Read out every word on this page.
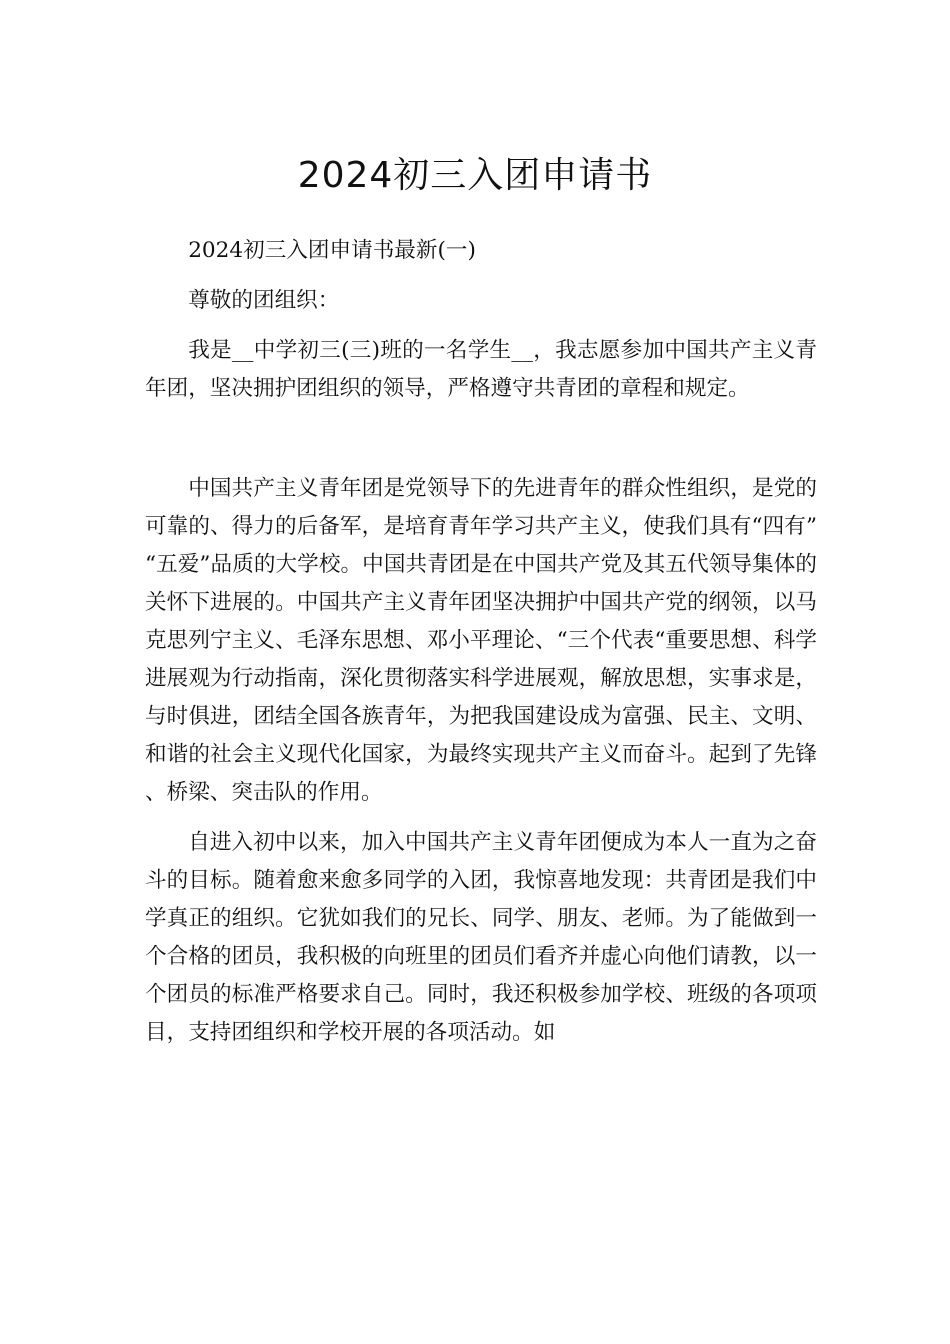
2024初三入团申请书

2024初三入团申请书最新(一)

尊敬的团组织：

我是__中学初三(三)班的一名学生__，我志愿参加中国共产主义青年团，坚决拥护团组织的领导，严格遵守共青团的章程和规定。

中国共产主义青年团是党领导下的先进青年的群众性组织，是党的可靠的、得力的后备军，是培育青年学习共产主义，使我们具有“四有”“五爱”品质的大学校。中国共青团是在中国共产党及其五代领导集体的关怀下进展的。中国共产主义青年团坚决拥护中国共产党的纲领，以马克思列宁主义、毛泽东思想、邓小平理论、“三个代表“重要思想、科学进展观为行动指南，深化贯彻落实科学进展观，解放思想，实事求是，与时俱进，团结全国各族青年，为把我国建设成为富强、民主、文明、和谐的社会主义现代化国家，为最终实现共产主义而奋斗。起到了先锋、桥梁、突击队的作用。

自进入初中以来，加入中国共产主义青年团便成为本人一直为之奋斗的目标。随着愈来愈多同学的入团，我惊喜地发现：共青团是我们中学真正的组织。它犹如我们的兄长、同学、朋友、老师。为了能做到一个合格的团员，我积极的向班里的团员们看齐并虚心向他们请教，以一个团员的标准严格要求自己。同时，我还积极参加学校、班级的各项项目，支持团组织和学校开展的各项活动。如
